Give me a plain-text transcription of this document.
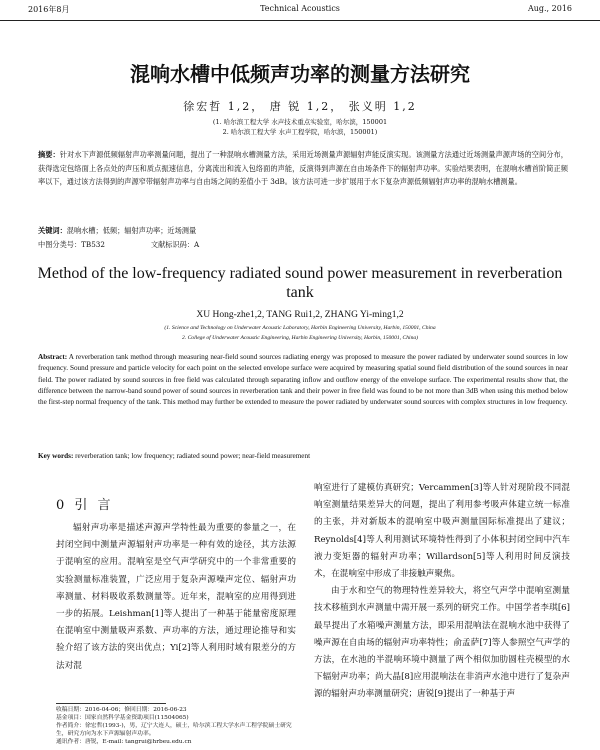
2016年8月	Technical Acoustics	Aug., 2016
混响水槽中低频声功率的测量方法研究
徐宏哲 1,2， 唐 锐 1,2， 张义明 1,2
(1. 哈尔滨工程大学 水声技术重点实验室，哈尔滨，150001
2. 哈尔滨工程大学 水声工程学院，哈尔滨，150001)
摘要：针对水下声源低频辐射声功率测量问题，提出了一种混响水槽测量方法，采用近场测量声源辐射声能反演实现。该测量方法通过近场测量声源声场的空间分布，获得选定包络面上各点处的声压和质点振速信息，分离流出和流入包络面的声能，反演得到声源在自由场条件下的辐射声功率。实验结果表明，在混响水槽首阶简正频率以下，通过该方法得到的声源窄带辐射声功率与自由场之间的差值小于 3dB。该方法可进一步扩展用于水下复杂声源低频辐射声功率的混响水槽测量。
关键词：混响水槽；低频；辐射声功率；近场测量
中图分类号：TB532	文献标识码：A
Method of the low-frequency radiated sound power measurement in reverberation tank
XU Hong-zhe1,2, TANG Rui1,2, ZHANG Yi-ming1,2
(1. Science and Technology on Underwater Acoustic Laboratory, Harbin Engineering University, Harbin, 150001, China
2. College of Underwater Acoustic Engineering, Harbin Engineering University, Harbin, 150001, China)
Abstract: A reverberation tank method through measuring near-field sound sources radiating energy was proposed to measure the power radiated by underwater sound sources in low frequency. Sound pressure and particle velocity for each point on the selected envelope surface were acquired by measuring spatial sound field distribution of the sound sources in near field. The power radiated by sound sources in free field was calculated through separating inflow and outflow energy of the envelope surface. The experimental results show that, the difference between the narrow-band sound power of sound sources in reverberation tank and their power in free field was found to be not more than 3dB when using this method below the first-step normal frequency of the tank. This method may further be extended to measure the power radiated by underwater sound sources with complex structures in low frequency.
Key words: reverberation tank; low frequency; radiated sound power; near-field measurement
0 引 言
辐射声功率是描述声源声学特性最为重要的参量之一，在封闭空间中测量声源辐射声功率是一种有效的途径，其方法源于混响室的应用。混响室是空气声学研究中的一个非常重要的实验测量标准装置，广泛应用于复杂声源噪声定位、辐射声功率测量、材料吸收系数测量等。近年来，混响室的应用得到进一步的拓展。Leishman[1]等人提出了一种基于能量密度原理在混响室中测量吸声系数、声功率的方法，通过理论推导和实验介绍了该方法的突出优点；Yi[2]等人利用时域有限差分的方法对混

响室进行了建模仿真研究；Vercammen[3]等人针对现阶段不同混响室测量结果差异大的问题，提出了利用参考吸声体建立统一标准的主张，并对新版本的混响室中吸声测量国际标准提出了建议；Reynolds[4]等人利用测试环境特性得到了小体积封闭空间中汽车液力变矩器的辐射声功率；Willardson[5]等人利用时间反演技术，在混响室中形成了非接触声聚焦。

由于水和空气的物理特性差异较大，将空气声学中混响室测量技术移植到水声测量中需开展一系列的研究工作。中国学者李琪[6]最早提出了水箱噪声测量方法，即采用混响法在混响水池中获得了噪声源在自由场的辐射声功率特性；俞孟萨[7]等人参照空气声学的方法，在水池的半混响环境中测量了两个相似加肋圆柱壳模型的水下辐射声功率；尚大晶[8]应用混响法在非消声水池中进行了复杂声源的辐射声功率测量研究；唐锐[9]提出了一种基于声

收稿日期：2016-04-06；修回日期：2016-06-23
基金项目：国家自然科学基金资助项目(11504065)
作者简介：徐宏哲(1993-)，男，辽宁大连人，硕士，哈尔滨工程大学水声工程学院硕士研究生，研究方向为水下声源辐射声功率。
通讯作者：唐锐，E-mail: tangrui@hrbeu.edu.cn
